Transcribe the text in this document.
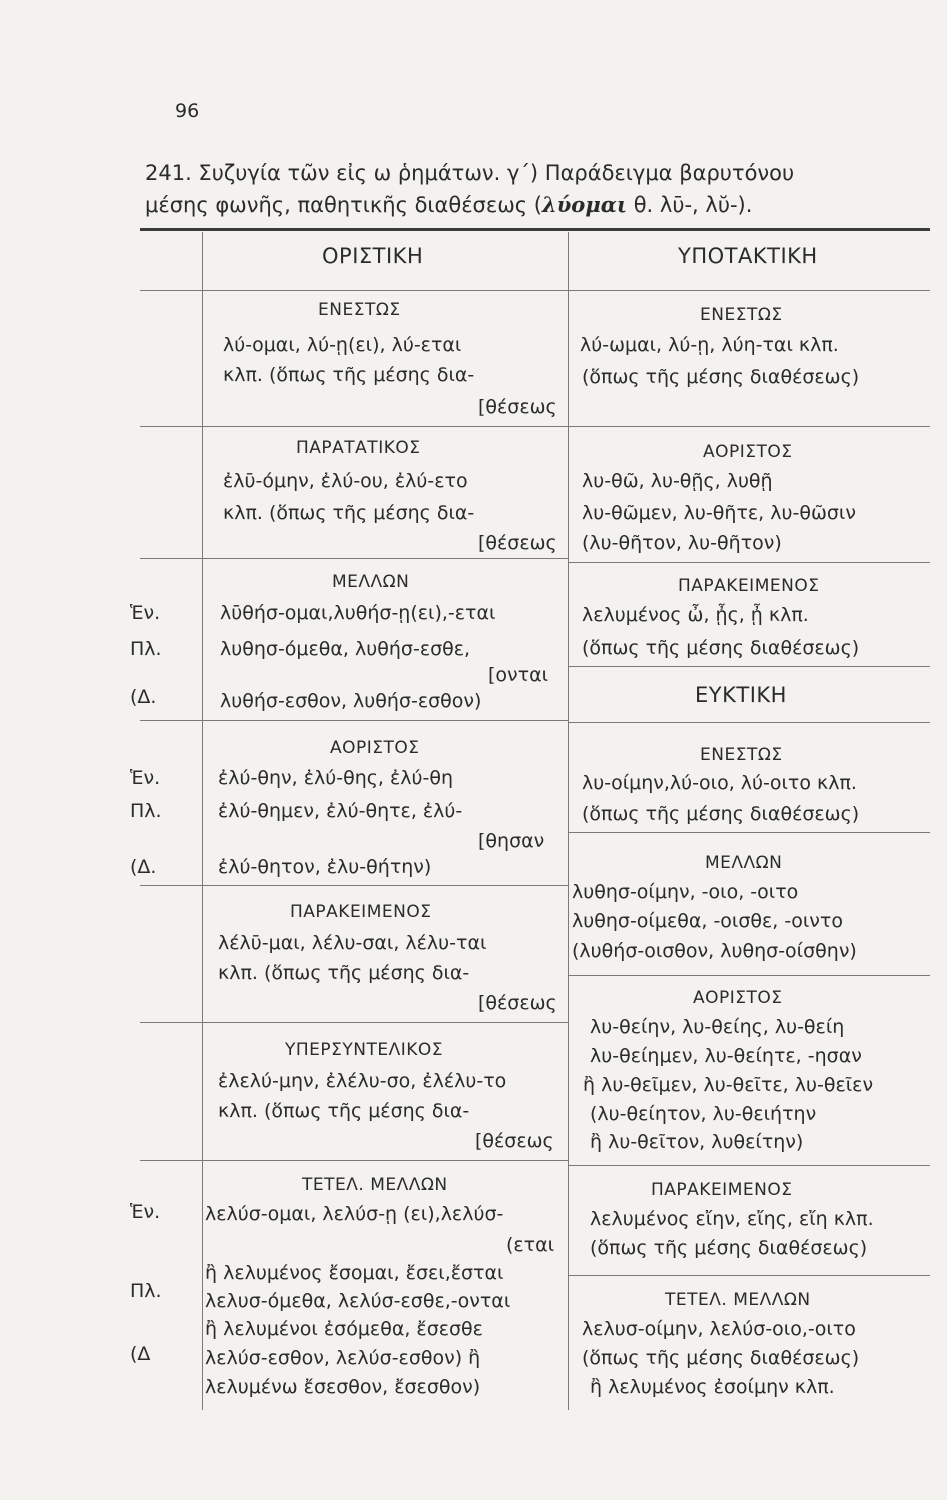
96
241. Συζυγία τῶν εἰς ω ῥημάτων. γ΄) Παράδειγμα βαρυτόνου
μέσης φωνῆς, παθητικῆς διαθέσεως (λύομαι θ. λῡ-, λῠ-).
ΟΡΙΣΤΙΚΗ	ΥΠΟΤΑΚΤΙΚΗ
Ἑν.
Πλ.
(Δ.
Ἑν.
Πλ.
(Δ.
Ἑν.
Πλ.
(Δ
ΕΝΕΣΤΩΣ
λύ-ομαι, λύ-ῃ(ει), λύ-εται
κλπ. (ὅπως τῆς μέσης δια-
[θέσεως
ΠΑΡΑΤΑΤΙΚΟΣ
ἐλῡ-όμην, ἐλύ-ου, ἐλύ-ετο
κλπ. (ὅπως τῆς μέσης δια-
[θέσεως
ΜΕΛΛΩΝ
λῡθήσ-ομαι,λυθήσ-ῃ(ει),-εται
λυθησ-όμεθα, λυθήσ-εσθε,
[ονται
λυθήσ-εσθον, λυθήσ-εσθον)
ΑΟΡΙΣΤΟΣ
ἐλύ-θην, ἐλύ-θης, ἐλύ-θη
ἐλύ-θημεν, ἐλύ-θητε, ἐλύ-
[θησαν
ἐλύ-θητον, ἐλυ-θήτην)
ΠΑΡΑΚΕΙΜΕΝΟΣ
λέλῡ-μαι, λέλυ-σαι, λέλυ-ται
κλπ. (ὅπως τῆς μέσης δια-
[θέσεως
ΥΠΕΡΣΥΝΤΕΛΙΚΟΣ
ἐλελύ-μην, ἐλέλυ-σο, ἐλέλυ-το
κλπ. (ὅπως τῆς μέσης δια-
[θέσεως
ΤΕΤΕΛ. ΜΕΛΛΩΝ
λελύσ-ομαι, λελύσ-ῃ (ει),λελύσ-
(εται
ἢ λελυμένος ἔσομαι, ἔσει,ἔσται
λελυσ-όμεθα, λελύσ-εσθε,-ονται
ἢ λελυμένοι ἐσόμεθα, ἔσεσθε
λελύσ-εσθον, λελύσ-εσθον) ἢ
λελυμένω ἔσεσθον, ἔσεσθον)
ΕΝΕΣΤΩΣ
λύ-ωμαι, λύ-ῃ, λύη-ται κλπ.
(ὅπως τῆς μέσης διαθέσεως)
ΑΟΡΙΣΤΟΣ
λυ-θῶ, λυ-θῇς, λυθῇ
λυ-θῶμεν, λυ-θῆτε, λυ-θῶσιν
(λυ-θῆτον, λυ-θῆτον)
ΠΑΡΑΚΕΙΜΕΝΟΣ
λελυμένος ὦ, ᾖς, ᾖ κλπ.
(ὅπως τῆς μέσης διαθέσεως)
ΕΥΚΤΙΚΗ
ΕΝΕΣΤΩΣ
λυ-οίμην,λύ-οιο, λύ-οιτο κλπ.
(ὅπως τῆς μέσης διαθέσεως)
ΜΕΛΛΩΝ
λυθησ-οίμην, -οιο, -οιτο
λυθησ-οίμεθα, -οισθε, -οιντο
(λυθήσ-οισθον, λυθησ-οίσθην)
ΑΟΡΙΣΤΟΣ
λυ-θείην, λυ-θείης, λυ-θείη
λυ-θείημεν, λυ-θείητε, -ησαν
ἢ λυ-θεῖμεν, λυ-θεῖτε, λυ-θεῖεν
(λυ-θείητον, λυ-θειήτην
ἢ λυ-θεῖτον, λυθείτην)
ΠΑΡΑΚΕΙΜΕΝΟΣ
λελυμένος εἴην, εἴης, εἴη κλπ.
(ὅπως τῆς μέσης διαθέσεως)
ΤΕΤΕΛ. ΜΕΛΛΩΝ
λελυσ-οίμην, λελύσ-οιο,-οιτο
(ὅπως τῆς μέσης διαθέσεως)
ἢ λελυμένος ἐσοίμην κλπ.
